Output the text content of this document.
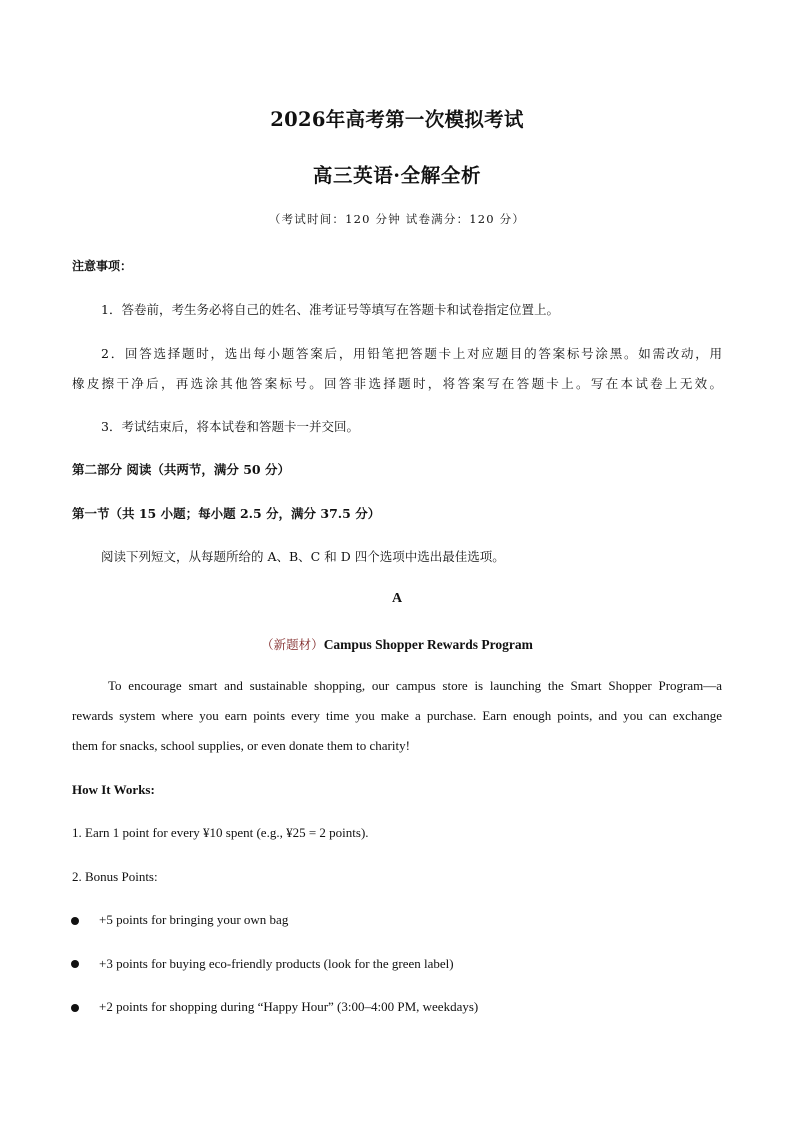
2026年高考第一次模拟考试
高三英语·全解全析
（考试时间：120 分钟 试卷满分：120 分）
注意事项：
1．答卷前，考生务必将自己的姓名、准考证号等填写在答题卡和试卷指定位置上。
2．回答选择题时，选出每小题答案后，用铅笔把答题卡上对应题目的答案标号涂黑。如需改动，用
橡皮擦干净后，再选涂其他答案标号。回答非选择题时，将答案写在答题卡上。写在本试卷上无效。
3．考试结束后，将本试卷和答题卡一并交回。
第二部分 阅读（共两节，满分 50 分）
第一节（共 15 小题；每小题 2.5 分，满分 37.5 分）
阅读下列短文，从每题所给的 A、B、C 和 D 四个选项中选出最佳选项。
A
（新题材）Campus Shopper Rewards Program
To encourage smart and sustainable shopping, our campus store is launching the Smart Shopper Program—a
rewards system where you earn points every time you make a purchase. Earn enough points, and you can exchange
them for snacks, school supplies, or even donate them to charity!
How It Works:
1. Earn 1 point for every ¥10 spent (e.g., ¥25 = 2 points).
2. Bonus Points:
+5 points for bringing your own bag
+3 points for buying eco-friendly products (look for the green label)
+2 points for shopping during “Happy Hour” (3:00–4:00 PM, weekdays)
